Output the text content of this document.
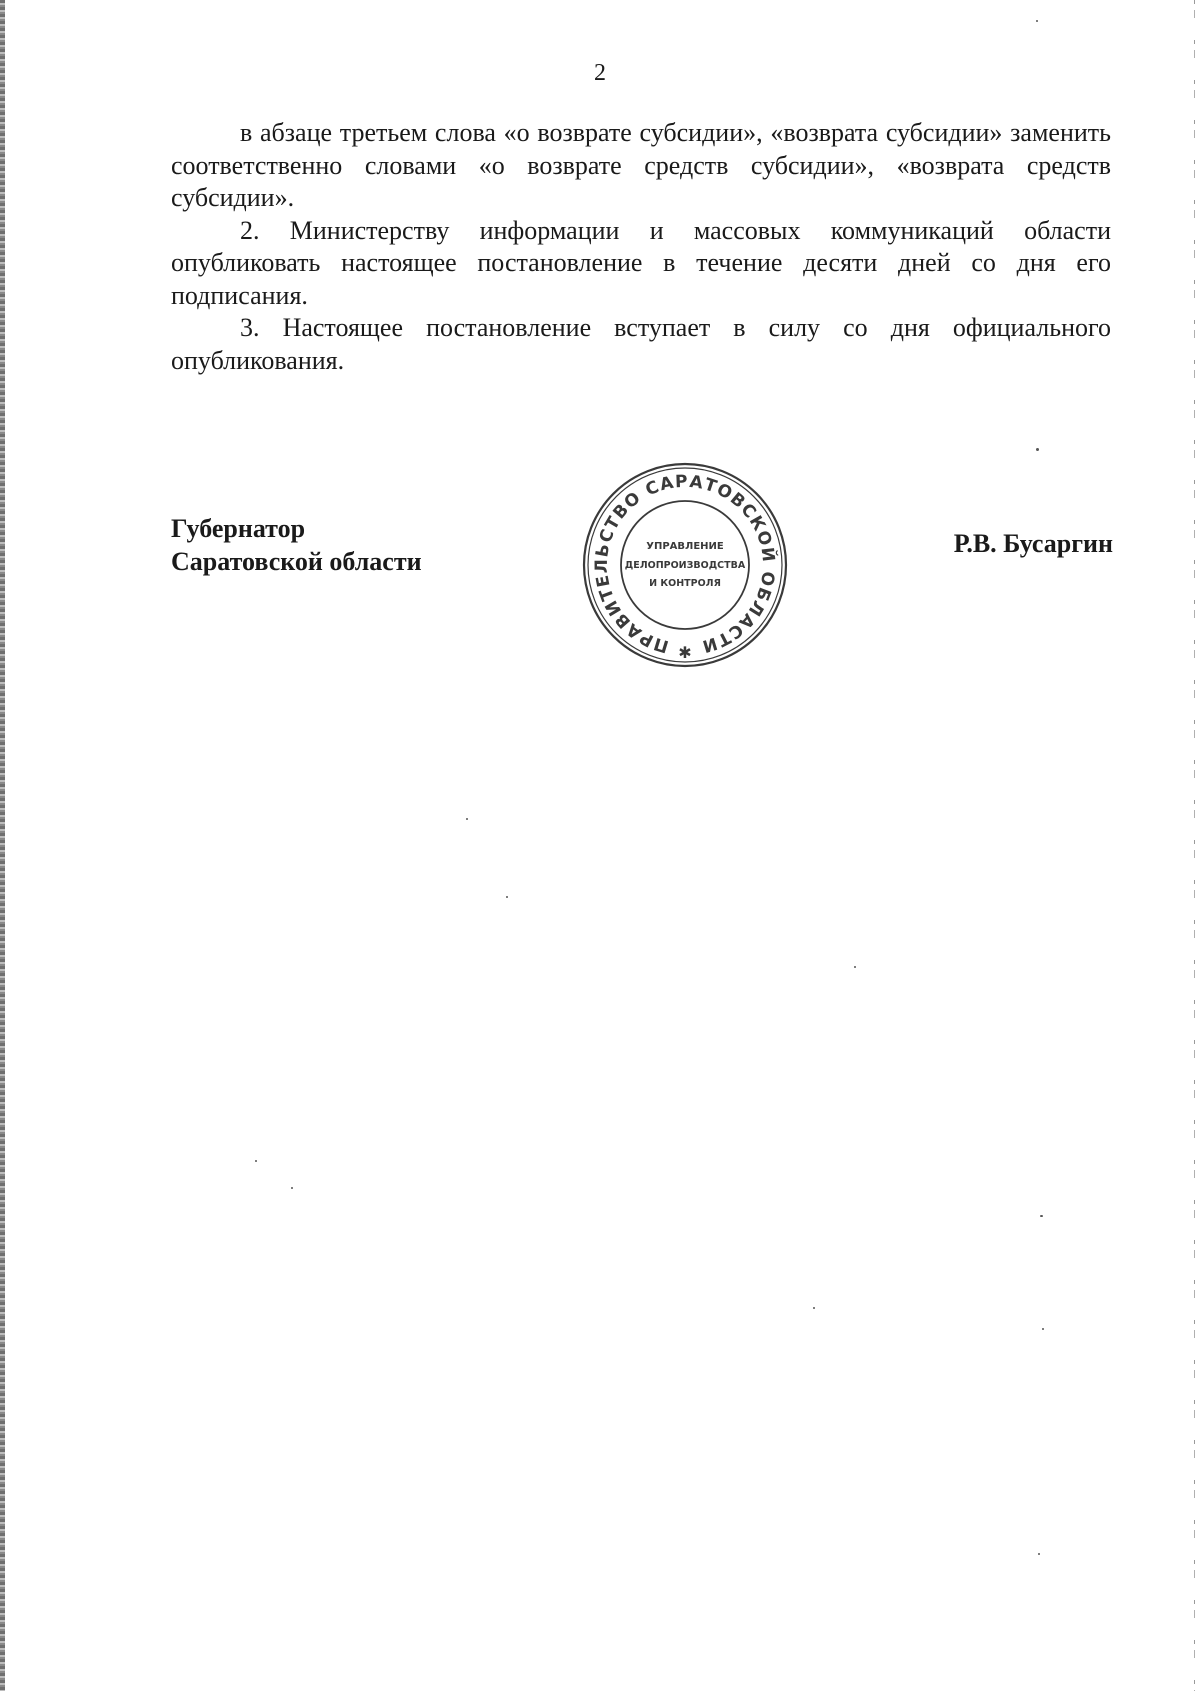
2

в абзаце третьем слова «о возврате субсидии», «возврата субсидии» заменить соответственно словами «о возврате средств субсидии», «возврата средств субсидии».

2. Министерству информации и массовых коммуникаций области опубликовать настоящее постановление в течение десяти дней со дня его подписания.

3. Настоящее постановление вступает в силу со дня официального опубликования.

Губернатор
Саратовской области
ПРАВИТЕЛЬСТВО САРАТОВСКОЙ ОБЛАСТИ
УПРАВЛЕНИЕ
ДЕЛОПРОИЗВОДСТВА
И КОНТРОЛЯ
✱
Р.В. Бусаргин
